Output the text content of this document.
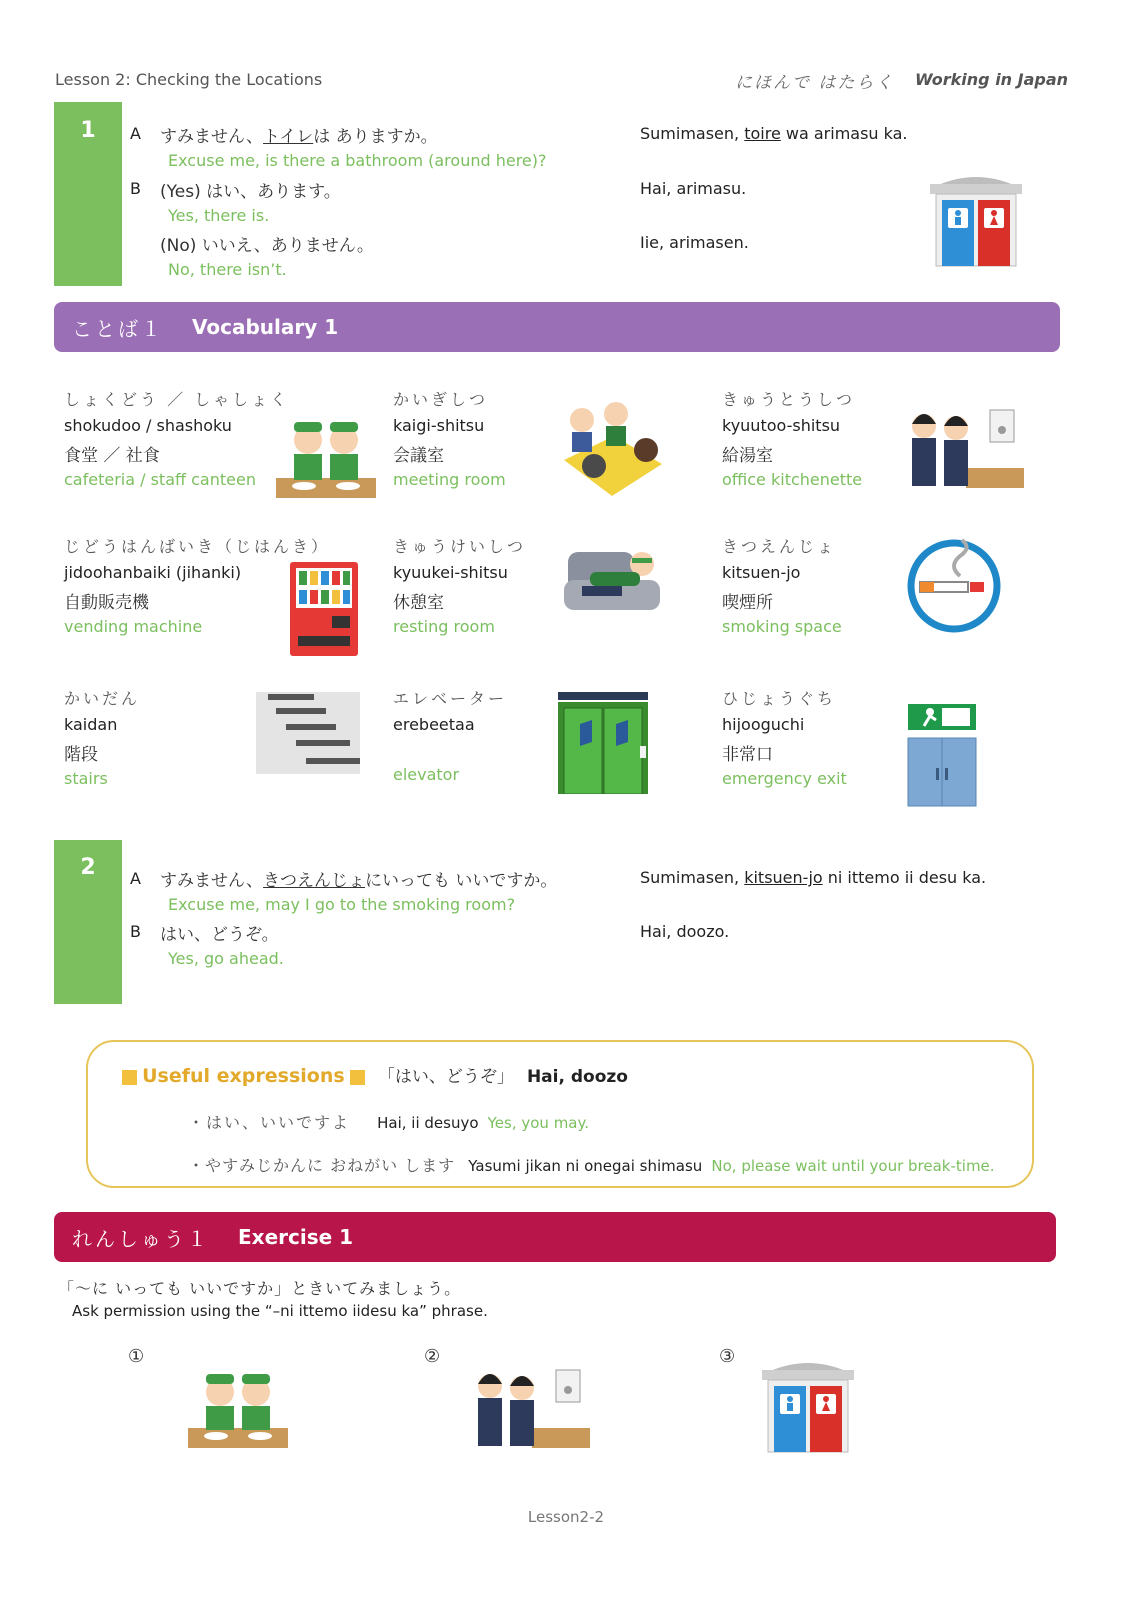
Lesson 2: Checking the Locations	にほんで はたらく Working in Japan
1	A すみません、トイレは ありますか。
Excuse me, is there a bathroom (around here)?
Sumimasen, toire wa arimasu ka.
B (Yes) はい、あります。
Yes, there is.
Hai, arimasu.
(No) いいえ、ありません。
No, there isn’t.
Iie, arimasen.
ことば１ Vocabulary 1
しょくどう ／ しゃしょく
shokudoo / shashoku
食堂 ／ 社食
cafeteria / staff canteen
かいぎしつ
kaigi-shitsu
会議室
meeting room
きゅうとうしつ
kyuutoo-shitsu
給湯室
office kitchenette
じどうはんばいき（じはんき）
jidoohanbaiki (jihanki)
自動販売機
vending machine
きゅうけいしつ
kyuukei-shitsu
休憩室
resting room
きつえんじょ
kitsuen-jo
喫煙所
smoking space
かいだん
kaidan
階段
stairs
エレベーター
erebeetaa
elevator
ひじょうぐち
hijooguchi
非常口
emergency exit
2	A すみません、きつえんじょにいっても いいですか。
Excuse me, may I go to the smoking room?
Sumimasen, kitsuen-jo ni ittemo ii desu ka.
B はい、どうぞ。
Yes, go ahead.
Hai, doozo.
Useful expressions 「はい、どうぞ」 Hai, doozo
・はい、いいですよ Hai, ii desuyo Yes, you may.
・やすみじかんに おねがい します Yasumi jikan ni onegai shimasu No, please wait until your break-time.
れんしゅう１ Exercise 1
「〜に いっても いいですか」ときいてみましょう。
Ask permission using the “–ni ittemo iidesu ka” phrase.
①	②	③
Lesson2-2
